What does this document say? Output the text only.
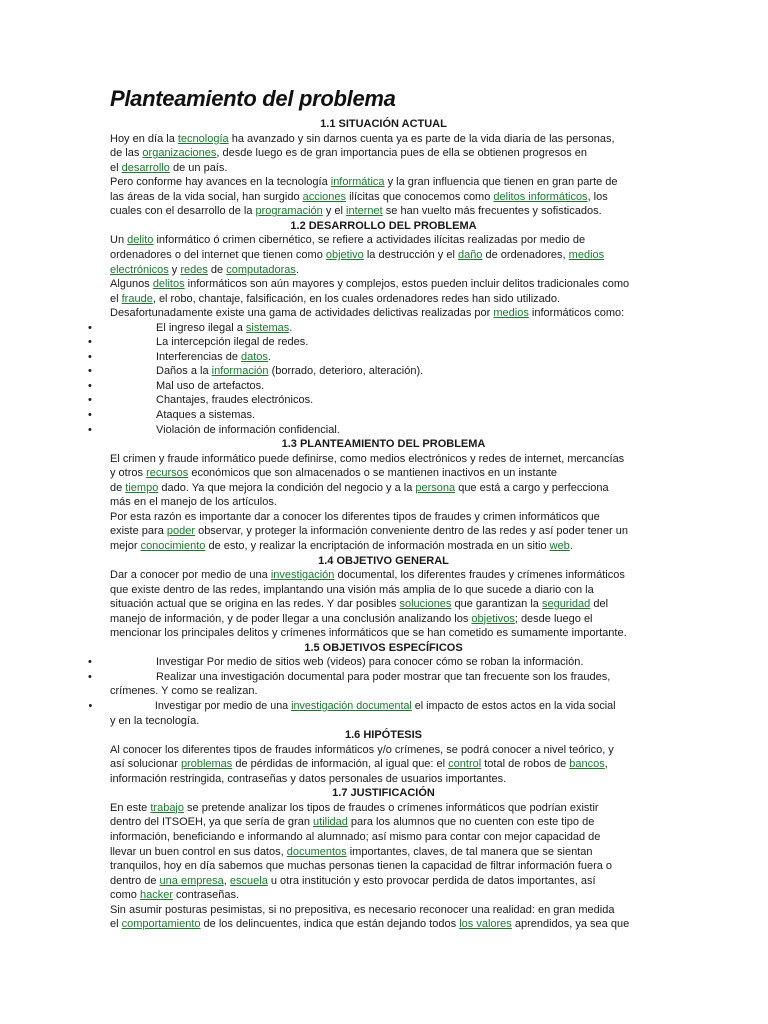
Planteamiento del problema
1.1 SITUACIÓN ACTUAL
Hoy en día la tecnología ha avanzado y sin darnos cuenta ya es parte de la vida diaria de las personas,
de las organizaciones, desde luego es de gran importancia pues de ella se obtienen progresos en
el desarrollo de un país.
Pero conforme hay avances en la tecnología informática y la gran influencia que tienen en gran parte de
las áreas de la vida social, han surgido acciones ilícitas que conocemos como delitos informáticos, los
cuales con el desarrollo de la programación y el internet se han vuelto más frecuentes y sofisticados.
1.2 DESARROLLO DEL PROBLEMA
Un delito informático ó crimen cibernético, se refiere a actividades ilícitas realizadas por medio de
ordenadores o del internet que tienen como objetivo la destrucción y el daño de ordenadores, medios
electrónicos y redes de computadoras.
Algunos delitos informáticos son aún mayores y complejos, estos pueden incluir delitos tradicionales como
el fraude, el robo, chantaje, falsificación, en los cuales ordenadores redes han sido utilizado.
Desafortunadamente existe una gama de actividades delictivas realizadas por medios informáticos como:
•	El ingreso ilegal a sistemas.
•	La intercepción ilegal de redes.
•	Interferencias de datos.
•	Daños a la información (borrado, deterioro, alteración).
•	Mal uso de artefactos.
•	Chantajes, fraudes electrónicos.
•	Ataques a sistemas.
•	Violación de información confidencial.
1.3 PLANTEAMIENTO DEL PROBLEMA
El crimen y fraude informático puede definirse, como medios electrónicos y redes de internet, mercancías
y otros recursos económicos que son almacenados o se mantienen inactivos en un instante
de tiempo dado. Ya que mejora la condición del negocio y a la persona que está a cargo y perfecciona
más en el manejo de los artículos.
Por esta razón es importante dar a conocer los diferentes tipos de fraudes y crimen informáticos que
existe para poder observar, y proteger la información conveniente dentro de las redes y así poder tener un
mejor conocimiento de esto, y realizar la encriptación de información mostrada en un sitio web.
1.4 OBJETIVO GENERAL
Dar a conocer por medio de una investigación documental, los diferentes fraudes y crímenes informáticos
que existe dentro de las redes, implantando una visión más amplia de lo que sucede a diario con la
situación actual que se origina en las redes. Y dar posibles soluciones que garantizan la seguridad del
manejo de información, y de poder llegar a una conclusión analizando los objetivos; desde luego el
mencionar los principales delitos y crímenes informáticos que se han cometido es sumamente importante.
1.5 OBJETIVOS ESPECÍFICOS
•	Investigar Por medio de sitios web (videos) para conocer cómo se roban la información.
•	Realizar una investigación documental para poder mostrar que tan frecuente son los fraudes,
crímenes. Y como se realizan.
•	Investigar por medio de una investigación documental el impacto de estos actos en la vida social
y en la tecnología.
1.6 HIPÓTESIS
Al conocer los diferentes tipos de fraudes informáticos y/o crímenes, se podrá conocer a nivel teórico, y
así solucionar problemas de pérdidas de información, al igual que: el control total de robos de bancos,
información restringida, contraseñas y datos personales de usuarios importantes.
1.7 JUSTIFICACIÓN
En este trabajo se pretende analizar los tipos de fraudes o crímenes informáticos que podrían existir
dentro del ITSOEH, ya que sería de gran utilidad para los alumnos que no cuenten con este tipo de
información, beneficiando e informando al alumnado; así mismo para contar con mejor capacidad de
llevar un buen control en sus datos, documentos importantes, claves, de tal manera que se sientan
tranquilos, hoy en día sabemos que muchas personas tienen la capacidad de filtrar información fuera o
dentro de una empresa, escuela u otra institución y esto provocar perdida de datos importantes, así
como hacker contraseñas.
Sin asumir posturas pesimistas, si no prepositiva, es necesario reconocer una realidad: en gran medida
el comportamiento de los delincuentes, indica que están dejando todos los valores aprendidos, ya sea que
